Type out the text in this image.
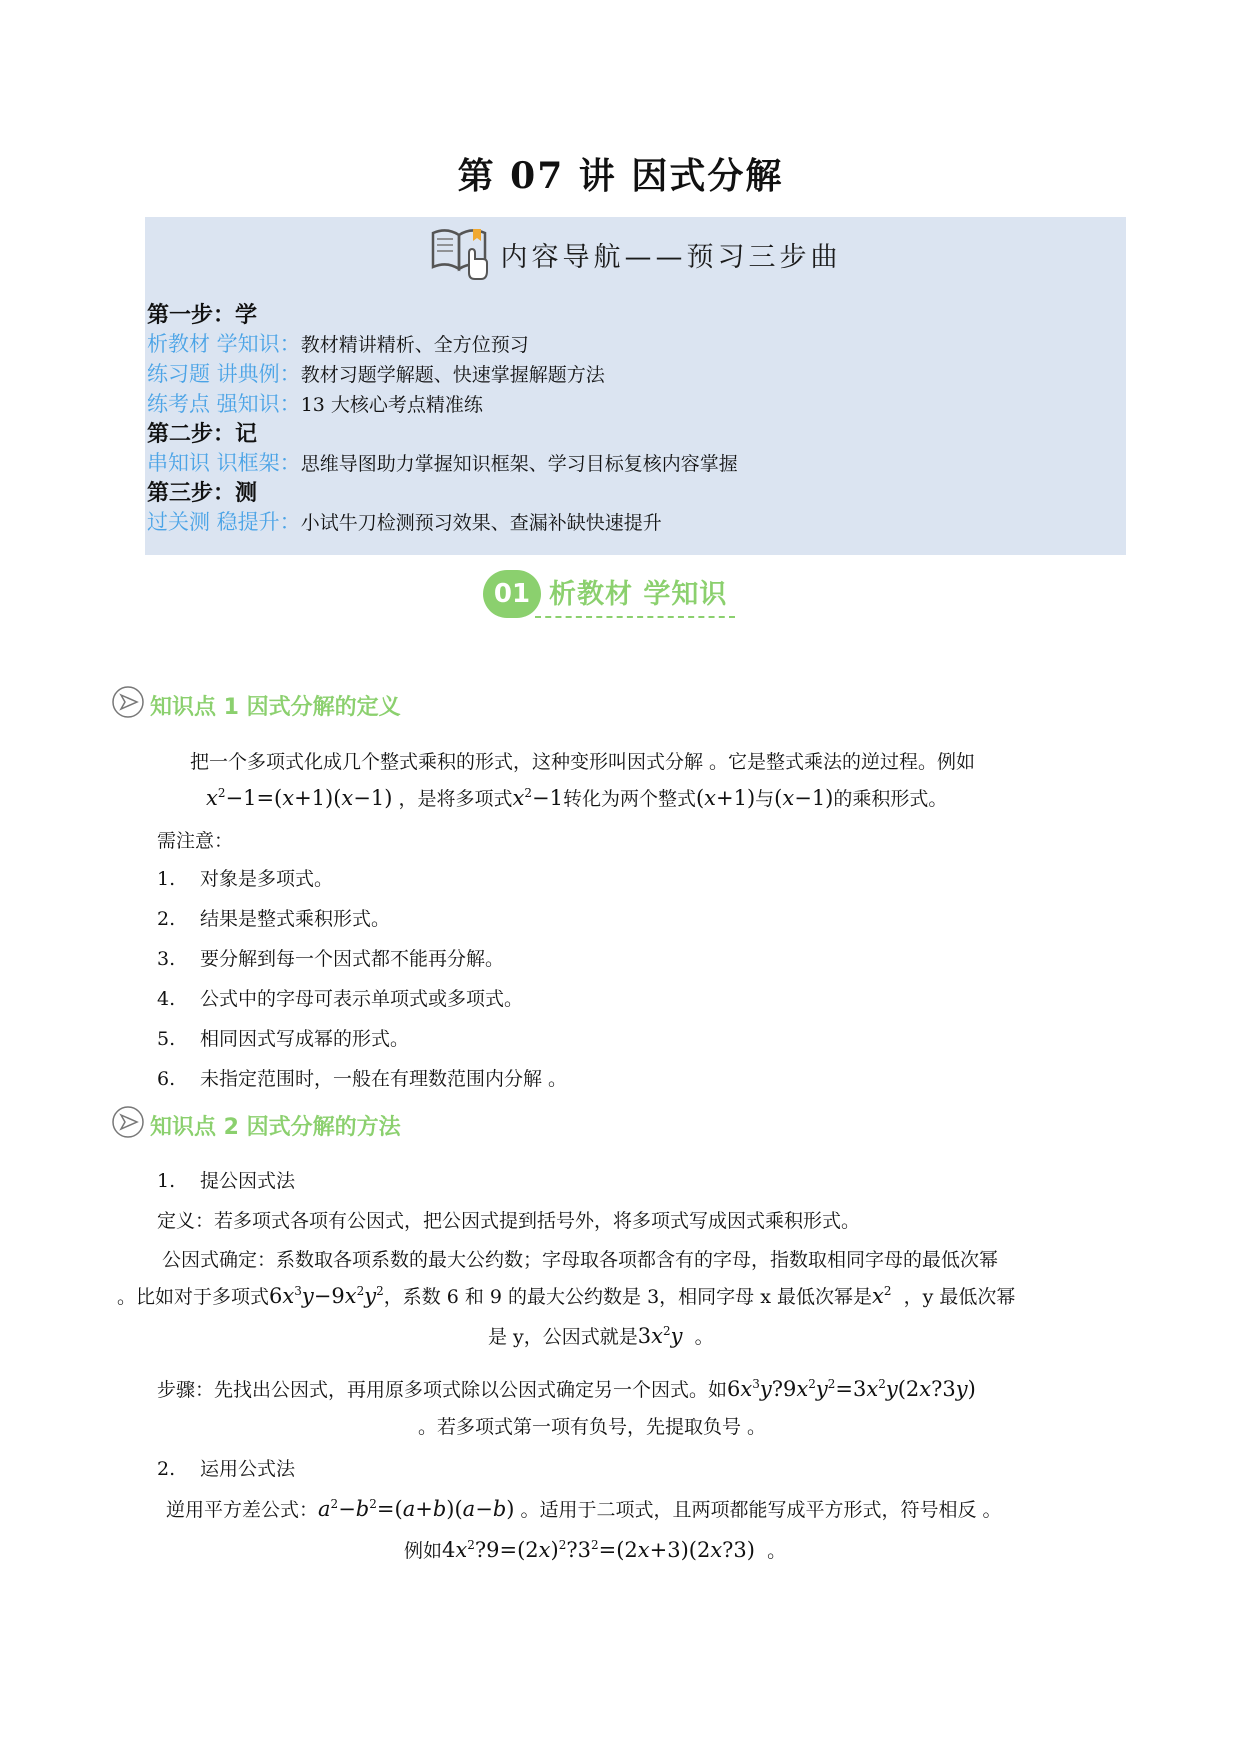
第 07 讲 因式分解
内容导航——预习三步曲
第一步：学
析教材 学知识：教材精讲精析、全方位预习
练习题 讲典例：教材习题学解题、快速掌握解题方法
练考点 强知识：13 大核心考点精准练
第二步：记
串知识 识框架：思维导图助力掌握知识框架、学习目标复核内容掌握
第三步：测
过关测 稳提升：小试牛刀检测预习效果、查漏补缺快速提升
01 析教材 学知识
知识点 1 因式分解的定义
把一个多项式化成几个整式乘积的形式，这种变形叫因式分解 。它是整式乘法的逆过程。例如
$x^2-1=(x+1)(x-1)$ ，是将多项式$x^2-1$转化为两个整式(x+1)与(x−1)的乘积形式。
需注意：
1. 对象是多项式。
2. 结果是整式乘积形式。
3. 要分解到每一个因式都不能再分解。
4. 公式中的字母可表示单项式或多项式。
5. 相同因式写成幂的形式。
6. 未指定范围时，一般在有理数范围内分解 。
知识点 2 因式分解的方法
1. 提公因式法
定义：若多项式各项有公因式，把公因式提到括号外，将多项式写成因式乘积形式。
公因式确定：系数取各项系数的最大公约数；字母取各项都含有的字母，指数取相同字母的最低次幂
。比如对于多项式$6x^3y-9x^2y^2$，系数 6 和 9 的最大公约数是 3，相同字母 x 最低次幂是$x^2$ ，y 最低次幂
是 y，公因式就是$3x^2y$ 。
步骤：先找出公因式，再用原多项式除以公因式确定另一个因式。如$6x^3y?9x^2y^2=3x^2y(2x?3y)$
。若多项式第一项有负号，先提取负号 。
2. 运用公式法
逆用平方差公式：$a^2-b^2=(a+b)(a-b)$ 。适用于二项式，且两项都能写成平方形式，符号相反 。
例如$4x^2?9=(2x)^2?3^2=(2x+3)(2x?3)$ 。
